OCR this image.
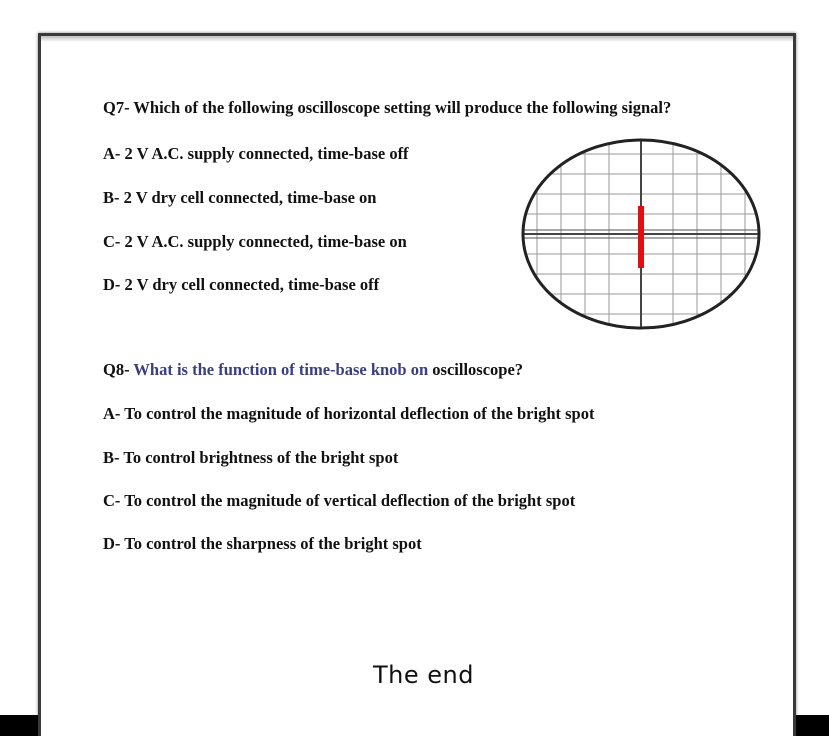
Q7- Which of the following oscilloscope setting will produce the following signal?

A- 2 V A.C. supply connected, time-base off

B- 2 V dry cell connected, time-base on

C- 2 V A.C. supply connected, time-base on

D- 2 V dry cell connected, time-base off

Q8- What is the function of time-base knob on oscilloscope?

A- To control the magnitude of horizontal deflection of the bright spot

B- To control brightness of the bright spot

C- To control the magnitude of vertical deflection of the bright spot

D- To control the sharpness of the bright spot

The end
